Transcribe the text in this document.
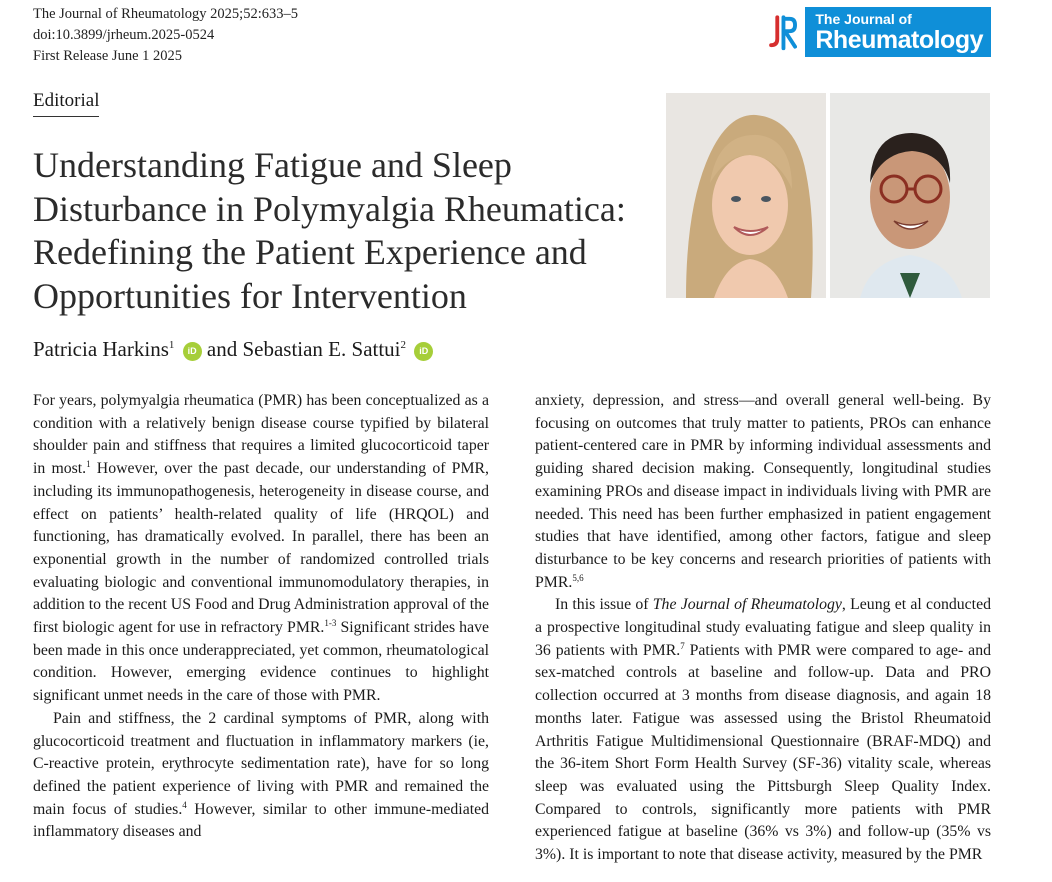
The Journal of Rheumatology 2025;52:633–5
doi:10.3899/jrheum.2025-0524
First Release June 1 2025
The Journal of
Rheumatology
Editorial
Understanding Fatigue and Sleep Disturbance in Polymyalgia Rheumatica: Redefining the Patient Experience and Opportunities for Intervention
Patricia Harkins$^1$ iD and Sebastian E. Sattui$^2$ iD

For years, polymyalgia rheumatica (PMR) has been conceptualized as a condition with a relatively benign disease course typified by bilateral shoulder pain and stiffness that requires a limited glucocorticoid taper in most.$^1$ However, over the past decade, our understanding of PMR, including its immunopathogenesis, heterogeneity in disease course, and effect on patients’ health-related quality of life (HRQOL) and functioning, has dramatically evolved. In parallel, there has been an exponential growth in the number of randomized controlled trials evaluating biologic and conventional immunomodulatory therapies, in addition to the recent US Food and Drug Administration approval of the first biologic agent for use in refractory PMR.$^{1-3}$ Significant strides have been made in this once underappreciated, yet common, rheumatological condition. However, emerging evidence continues to highlight significant unmet needs in the care of those with PMR.

Pain and stiffness, the 2 cardinal symptoms of PMR, along with glucocorticoid treatment and fluctuation in inflammatory markers (ie, C-reactive protein, erythrocyte sedimentation rate), have for so long defined the patient experience of living with PMR and remained the main focus of studies.$^4$ However, similar to other immune-mediated inflammatory diseases and

anxiety, depression, and stress—and overall general well-being. By focusing on outcomes that truly matter to patients, PROs can enhance patient-centered care in PMR by informing individual assessments and guiding shared decision making. Consequently, longitudinal studies examining PROs and disease impact in individuals living with PMR are needed. This need has been further emphasized in patient engagement studies that have identified, among other factors, fatigue and sleep disturbance to be key concerns and research priorities of patients with PMR.$^{5,6}$

In this issue of The Journal of Rheumatology, Leung et al conducted a prospective longitudinal study evaluating fatigue and sleep quality in 36 patients with PMR.$^7$ Patients with PMR were compared to age- and sex-matched controls at baseline and follow-up. Data and PRO collection occurred at 3 months from disease diagnosis, and again 18 months later. Fatigue was assessed using the Bristol Rheumatoid Arthritis Fatigue Multidimensional Questionnaire (BRAF-MDQ) and the 36-item Short Form Health Survey (SF-36) vitality scale, whereas sleep was evaluated using the Pittsburgh Sleep Quality Index. Compared to controls, significantly more patients with PMR experienced fatigue at baseline (36% vs 3%) and follow-up (35% vs 3%). It is important to note that disease activity, measured by the PMR
